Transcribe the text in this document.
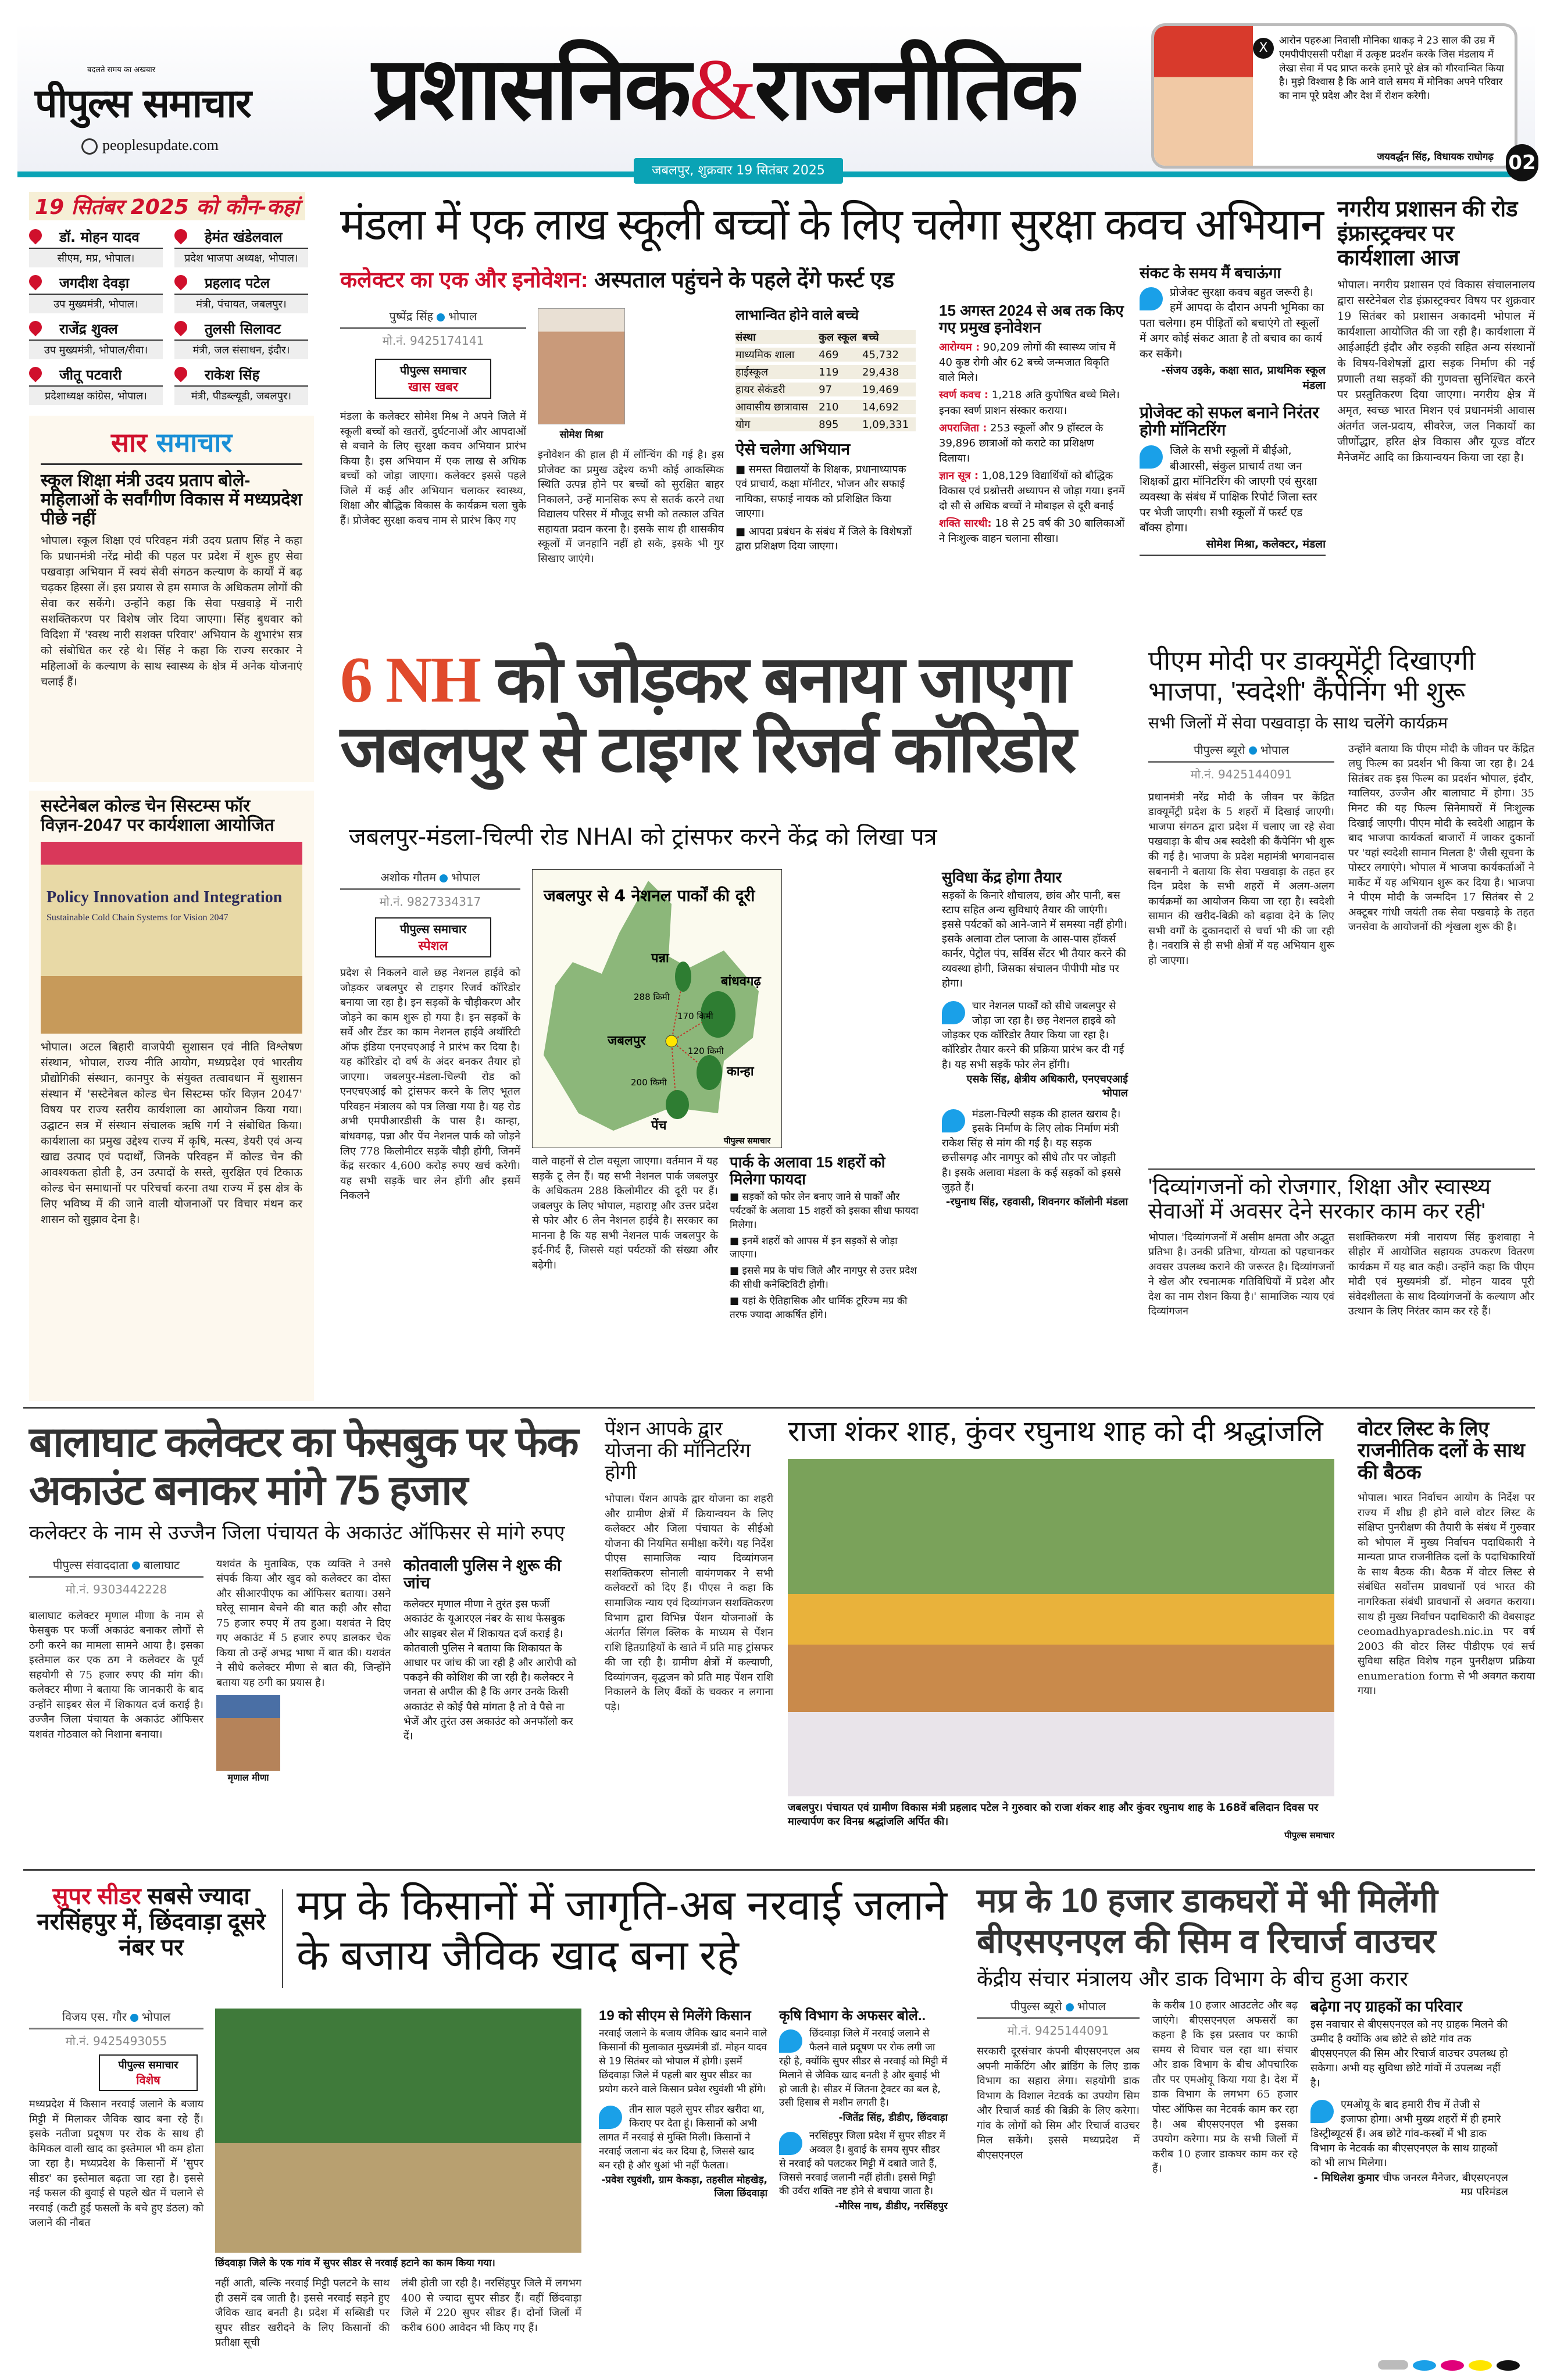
बदलते समय का अखबार
पीपुल्स समाचार
peoplesupdate.com
प्रशासनिक&राजनीतिक
जबलपुर, शुक्रवार 19 सितंबर 2025
X	आरोन पहरुआ निवासी मोनिका धाकड़ ने 23 साल की उम्र में एमपीपीएससी परीक्षा में उत्कृष्ट प्रदर्शन करके जिस मंडलाय में लेखा सेवा में पद प्राप्त करके हमारे पूरे क्षेत्र को गौरवान्वित किया है। मुझे विश्वास है कि आने वाले समय में मोनिका अपने परिवार का नाम पूरे प्रदेश और देश में रोशन करेगी।
जयवर्द्धन सिंह, विधायक राघोगढ़ 02
19 सितंबर 2025 को कौन-कहां
डॉ. मोहन यादव
सीएम, मप्र, भोपाल।
हेमंत खंडेलवाल
प्रदेश भाजपा अध्यक्ष, भोपाल।
जगदीश देवड़ा
उप मुख्यमंत्री, भोपाल।
प्रहलाद पटेल
मंत्री, पंचायत, जबलपुर।
राजेंद्र शुक्ल
उप मुख्यमंत्री, भोपाल/रीवा।
तुलसी सिलावट
मंत्री, जल संसाधन, इंदौर।
जीतू पटवारी
प्रदेशाध्यक्ष कांग्रेस, भोपाल।
राकेश सिंह
मंत्री, पीडब्ल्यूडी, जबलपुर।
सार समाचार
स्कूल शिक्षा मंत्री उदय प्रताप बोले-महिलाओं के सर्वांगीण विकास में मध्यप्रदेश पीछे नहीं
भोपाल। स्कूल शिक्षा एवं परिवहन मंत्री उदय प्रताप सिंह ने कहा कि प्रधानमंत्री नरेंद्र मोदी की पहल पर प्रदेश में शुरू हुए सेवा पखवाड़ा अभियान में स्वयं सेवी संगठन कल्याण के कार्यों में बढ़ चढ़कर हिस्सा लें। इस प्रयास से हम समाज के अधिकतम लोगों की सेवा कर सकेंगे। उन्होंने कहा कि सेवा पखवाड़े में नारी सशक्तिकरण पर विशेष जोर दिया जाएगा। सिंह बुधवार को विदिशा में 'स्वस्थ नारी सशक्त परिवार' अभियान के शुभारंभ सत्र को संबोधित कर रहे थे। सिंह ने कहा कि राज्य सरकार ने महिलाओं के कल्याण के साथ स्वास्थ्य के क्षेत्र में अनेक योजनाएं चलाई हैं।
सस्टेनेबल कोल्ड चेन सिस्टम्स फॉर विज़न-2047 पर कार्यशाला आयोजित
Policy Innovation and Integration
Sustainable Cold Chain Systems for Vision 2047
भोपाल। अटल बिहारी वाजपेयी सुशासन एवं नीति विश्लेषण संस्थान, भोपाल, राज्य नीति आयोग, मध्यप्रदेश एवं भारतीय प्रौद्योगिकी संस्थान, कानपुर के संयुक्त तत्वावधान में सुशासन संस्थान में 'सस्टेनेबल कोल्ड चेन सिस्टम्स फॉर विज़न 2047' विषय पर राज्य स्तरीय कार्यशाला का आयोजन किया गया। उद्घाटन सत्र में संस्थान संचालक ऋषि गर्ग ने संबोधित किया। कार्यशाला का प्रमुख उद्देश्य राज्य में कृषि, मत्स्य, डेयरी एवं अन्य खाद्य उत्पाद एवं पदार्थों, जिनके परिवहन में कोल्ड चेन की आवश्यकता होती है, उन उत्पादों के सस्ते, सुरक्षित एवं टिकाऊ कोल्ड चेन समाधानों पर परिचर्चा करना तथा राज्य में इस क्षेत्र के लिए भविष्य में की जाने वाली योजनाओं पर विचार मंथन कर शासन को सुझाव देना है।
मंडला में एक लाख स्कूली बच्चों के लिए चलेगा सुरक्षा कवच अभियान
कलेक्टर का एक और इनोवेशन: अस्पताल पहुंचने के पहले देंगे फर्स्ट एड
पुष्पेंद्र सिंह भोपाल
मो.नं. 9425174141
पीपुल्स समाचार
खास खबर
मंडला के कलेक्टर सोमेश मिश्र ने अपने जिले में स्कूली बच्चों को खतरों, दुर्घटनाओं और आपदाओं से बचाने के लिए सुरक्षा कवच अभियान प्रारंभ किया है। इस अभियान में एक लाख से अधिक बच्चों को जोड़ा जाएगा। कलेक्टर इससे पहले जिले में कई और अभियान चलाकर स्वास्थ्य, शिक्षा और बौद्धिक विकास के कार्यक्रम चला चुके हैं। प्रोजेक्ट सुरक्षा कवच नाम से प्रारंभ किए गए
सोमेश मिश्रा
इनोवेशन की हाल ही में लॉन्चिंग की गई है। इस प्रोजेक्ट का प्रमुख उद्देश्य कभी कोई आकस्मिक स्थिति उत्पन्न होने पर बच्चों को सुरक्षित बाहर निकालने, उन्हें मानसिक रूप से सतर्क करने तथा विद्यालय परिसर में मौजूद सभी को तत्काल उचित सहायता प्रदान करना है। इसके साथ ही शासकीय स्कूलों में जनहानि नहीं हो सके, इसके भी गुर सिखाए जाएंगे।
लाभान्वित होने वाले बच्चे
संस्था	कुल स्कूल	बच्चे
माध्यमिक शाला	469	45,732
हाईस्कूल	119	29,438
हायर सेकंडरी	97	19,469
आवासीय छात्रावास	210	14,692
योग	895	1,09,331
ऐसे चलेगा अभियान
■ समस्त विद्यालयों के शिक्षक, प्रधानाध्यापक एवं प्राचार्य, कक्षा मॉनीटर, भोजन और सफाई नायिका, सफाई नायक को प्रशिक्षित किया जाएगा।
■ आपदा प्रबंधन के संबंध में जिले के विशेषज्ञों द्वारा प्रशिक्षण दिया जाएगा।
15 अगस्त 2024 से अब तक किए गए प्रमुख इनोवेशन
आरोग्यम : 90,209 लोगों की स्वास्थ्य जांच में 40 कुष्ठ रोगी और 62 बच्चे जन्मजात विकृति वाले मिले।
स्वर्ण कवच : 1,218 अति कुपोषित बच्चे मिले। इनका स्वर्ण प्राशन संस्कार कराया।
अपराजिता : 253 स्कूलों और 9 हॉस्टल के 39,896 छात्राओं को कराटे का प्रशिक्षण दिलाया।
ज्ञान सूत्र : 1,08,129 विद्यार्थियों को बौद्धिक विकास एवं प्रश्नोत्तरी अध्यापन से जोड़ा गया। इनमें दो सौ से अधिक बच्चों ने मोबाइल से दूरी बनाई
शक्ति सारथी: 18 से 25 वर्ष की 30 बालिकाओं ने निःशुल्क वाहन चलाना सीखा।
संकट के समय मैं बचाऊंगा
प्रोजेक्ट सुरक्षा कवच बहुत जरूरी है। हमें आपदा के दौरान अपनी भूमिका का पता चलेगा। हम पीड़ितों को बचाएंगे तो स्कूलों में अगर कोई संकट आता है तो बचाव का कार्य कर सकेंगे।
-संजय उइके, कक्षा सात, प्राथमिक स्कूल मंडला
प्रोजेक्ट को सफल बनाने निरंतर होगी मॉनिटरिंग
जिले के सभी स्कूलों में बीईओ, बीआरसी, संकुल प्राचार्य तथा जन शिक्षकों द्वारा मॉनिटरिंग की जाएगी एवं सुरक्षा व्यवस्था के संबंध में पाक्षिक रिपोर्ट जिला स्तर पर भेजी जाएगी। सभी स्कूलों में फर्स्ट एड बॉक्स होगा।
सोमेश मिश्रा, कलेक्टर, मंडला
नगरीय प्रशासन की रोड इंफ्रास्ट्रक्चर पर कार्यशाला आज
भोपाल। नगरीय प्रशासन एवं विकास संचालनालय द्वारा सस्टेनेबल रोड इंफ्रास्ट्रक्चर विषय पर शुक्रवार 19 सितंबर को प्रशासन अकादमी भोपाल में कार्यशाला आयोजित की जा रही है। कार्यशाला में आईआईटी इंदौर और रुड़की सहित अन्य संस्थानों के विषय-विशेषज्ञों द्वारा सड़क निर्माण की नई प्रणाली तथा सड़कों की गुणवत्ता सुनिश्चित करने पर प्रस्तुतिकरण दिया जाएगा। नगरीय क्षेत्र में अमृत, स्वच्छ भारत मिशन एवं प्रधानमंत्री आवास अंतर्गत जल-प्रदाय, सीवरेज, जल निकायों का जीर्णोद्धार, हरित क्षेत्र विकास और यूज्ड वॉटर मैनेजमेंट आदि का क्रियान्वयन किया जा रहा है।
6 NH को जोड़कर बनाया जाएगा जबलपुर से टाइगर रिजर्व कॉरिडोर
जबलपुर-मंडला-चिल्पी रोड NHAI को ट्रांसफर करने केंद्र को लिखा पत्र
अशोक गौतम भोपाल
मो.नं. 9827334317
पीपुल्स समाचार
स्पेशल
प्रदेश से निकलने वाले छह नेशनल हाईवे को जोड़कर जबलपुर से टाइगर रिजर्व कॉरिडोर बनाया जा रहा है। इन सड़कों के चौड़ीकरण और जोड़ने का काम शुरू हो गया है। इन सड़कों के सर्वे और टेंडर का काम नेशनल हाईवे अथॉरिटी ऑफ इंडिया एनएचएआई ने प्रारंभ कर दिया है। यह कॉरिडोर दो वर्ष के अंदर बनकर तैयार हो जाएगा। जबलपुर-मंडला-चिल्पी रोड को एनएचएआई को ट्रांसफर करने के लिए भूतल परिवहन मंत्रालय को पत्र लिखा गया है। यह रोड अभी एमपीआरडीसी के पास है। कान्हा, बांधवगढ़, पन्ना और पेंच नेशनल पार्क को जोड़ने लिए 778 किलोमीटर सड़कें चौड़ी होंगी, जिनमें केंद्र सरकार 4,600 करोड़ रुपए खर्च करेगी। यह सभी सड़कें चार लेन होंगी और इसमें निकलने
जबलपुर से 4 नेशनल पार्कों की दूरी
जबलपुर
पन्ना
288 किमी
बांधवगढ़
170 किमी
कान्हा
120 किमी
पेंच
200 किमी
पीपुल्स समाचार
वाले वाहनों से टोल वसूला जाएगा। वर्तमान में यह सड़कें टू लेन हैं। यह सभी नेशनल पार्क जबलपुर के अधिकतम 288 किलोमीटर की दूरी पर हैं। जबलपुर के लिए भोपाल, महाराष्ट्र और उत्तर प्रदेश से फोर और 6 लेन नेशनल हाईवे है। सरकार का मानना है कि यह सभी नेशनल पार्क जबलपुर के इर्द-गिर्द हैं, जिससे यहां पर्यटकों की संख्या और बढ़ेगी।
पार्क के अलावा 15 शहरों को मिलेगा फायदा
■ सड़कों को फोर लेन बनाए जाने से पार्कों और पर्यटकों के अलावा 15 शहरों को इसका सीधा फायदा मिलेगा।
■ इनमें शहरों को आपस में इन सड़कों से जोड़ा जाएगा।
■ इससे मप्र के पांच जिले और नागपुर से उत्तर प्रदेश की सीधी कनेक्टिविटी होगी।
■ यहां के ऐतिहासिक और धार्मिक टूरिज्म मप्र की तरफ ज्यादा आकर्षित होंगे।
सुविधा केंद्र होगा तैयार
सड़कों के किनारे शौचालय, छांव और पानी, बस स्टाप सहित अन्य सुविधाएं तैयार की जाएंगी। इससे पर्यटकों को आने-जाने में समस्या नहीं होगी। इसके अलावा टोल प्लाजा के आस-पास हॉकर्स कार्नर, पेट्रोल पंप, सर्विस सेंटर भी तैयार करने की व्यवस्था होगी, जिसका संचालन पीपीपी मोड पर होगा।
चार नेशनल पार्कों को सीधे जबलपुर से जोड़ा जा रहा है। छह नेशनल हाइवे को जोड़कर एक कॉरिडोर तैयार किया जा रहा है। कॉरिडोर तैयार करने की प्रक्रिया प्रारंभ कर दी गई है। यह सभी सड़कें फोर लेन होंगी।
एसके सिंह, क्षेत्रीय अधिकारी, एनएचएआई भोपाल
मंडला-चिल्पी सड़क की हालत खराब है। इसके निर्माण के लिए लोक निर्माण मंत्री राकेश सिंह से मांग की गई है। यह सड़क छत्तीसगढ़ और नागपुर को सीधे तौर पर जोड़ती है। इसके अलावा मंडला के कई सड़कों को इससे जुड़ते हैं।
-रघुनाथ सिंह, रहवासी, शिवनगर कॉलोनी मंडला
पीएम मोदी पर डाक्यूमेंट्री दिखाएगी भाजपा, 'स्वदेशी' कैंपेनिंग भी शुरू
सभी जिलों में सेवा पखवाड़ा के साथ चलेंगे कार्यक्रम
पीपुल्स ब्यूरो भोपाल
मो.नं. 9425144091
प्रधानमंत्री नरेंद्र मोदी के जीवन पर केंद्रित डाक्यूमेंट्री प्रदेश के 5 शहरों में दिखाई जाएगी। भाजपा संगठन द्वारा प्रदेश में चलाए जा रहे सेवा पखवाड़ा के बीच अब स्वदेशी की कैंपेनिंग भी शुरू की गई है। भाजपा के प्रदेश महामंत्री भगवानदास सबनानी ने बताया कि सेवा पखवाड़ा के तहत हर दिन प्रदेश के सभी शहरों में अलग-अलग कार्यक्रमों का आयोजन किया जा रहा है। स्वदेशी सामान की खरीद-बिक्री को बढ़ावा देने के लिए सभी वर्गों के दुकानदारों से चर्चा भी की जा रही है। नवरात्रि से ही सभी क्षेत्रों में यह अभियान शुरू हो जाएगा।
उन्होंने बताया कि पीएम मोदी के जीवन पर केंद्रित लघु फिल्म का प्रदर्शन भी किया जा रहा है। 24 सितंबर तक इस फिल्म का प्रदर्शन भोपाल, इंदौर, ग्वालियर, उज्जैन और बालाघाट में होगा। 35 मिनट की यह फिल्म सिनेमाघरों में निःशुल्क दिखाई जाएगी। पीएम मोदी के स्वदेशी आह्वान के बाद भाजपा कार्यकर्ता बाजारों में जाकर दुकानों पर 'यहां स्वदेशी सामान मिलता है' जैसी सूचना के पोस्टर लगाएंगे। भोपाल में भाजपा कार्यकर्ताओं ने मार्केट में यह अभियान शुरू कर दिया है। भाजपा ने पीएम मोदी के जन्मदिन 17 सितंबर से 2 अक्टूबर गांधी जयंती तक सेवा पखवाड़े के तहत जनसेवा के आयोजनों की शृंखला शुरू की है।
'दिव्यांगजनों को रोजगार, शिक्षा और स्वास्थ्य सेवाओं में अवसर देने सरकार काम कर रही'
भोपाल। 'दिव्यांगजनों में असीम क्षमता और अद्भुत प्रतिभा है। उनकी प्रतिभा, योग्यता को पहचानकर अवसर उपलब्ध कराने की जरूरत है। दिव्यांगजनों ने खेल और रचनात्मक गतिविधियों में प्रदेश और देश का नाम रोशन किया है।' सामाजिक न्याय एवं दिव्यांगजन
सशक्तिकरण मंत्री नारायण सिंह कुशवाहा ने सीहोर में आयोजित सहायक उपकरण वितरण कार्यक्रम में यह बात कही। उन्होंने कहा कि पीएम मोदी एवं मुख्यमंत्री डॉ. मोहन यादव पूरी संवेदशीलता के साथ दिव्यांगजनों के कल्याण और उत्थान के लिए निरंतर काम कर रहे हैं।
बालाघाट कलेक्टर का फेसबुक पर फेक अकाउंट बनाकर मांगे 75 हजार
कलेक्टर के नाम से उज्जैन जिला पंचायत के अकाउंट ऑफिसर से मांगे रुपए
पीपुल्स संवाददाता बालाघाट
मो.नं. 9303442228
बालाघाट कलेक्टर मृणाल मीणा के नाम से फेसबुक पर फर्जी अकाउंट बनाकर लोगों से ठगी करने का मामला सामने आया है। इसका इस्तेमाल कर एक ठग ने कलेक्टर के पूर्व सहयोगी से 75 हजार रुपए की मांग की। कलेक्टर मीणा ने बताया कि जानकारी के बाद उन्होंने साइबर सेल में शिकायत दर्ज कराई है। उज्जैन जिला पंचायत के अकाउंट ऑफिसर यशवंत गोठवाल को निशाना बनाया।
यशवंत के मुताबिक, एक व्यक्ति ने उनसे संपर्क किया और खुद को कलेक्टर का दोस्त और सीआरपीएफ का ऑफिसर बताया। उसने घरेलू सामान बेचने की बात कही और सौदा 75 हजार रुपए में तय हुआ। यशवंत ने दिए गए अकाउंट में 5 हजार रुपए डालकर चेक किया तो उन्हें अभद्र भाषा में बात की। यशवंत ने सीधे कलेक्टर मीणा से बात की, जिन्होंने बताया यह ठगी का प्रयास है।
मृणाल मीणा
कोतवाली पुलिस ने शुरू की जांच
कलेक्टर मृणाल मीणा ने तुरंत इस फर्जी अकाउंट के यूआरएल नंबर के साथ फेसबुक और साइबर सेल में शिकायत दर्ज कराई है। कोतवाली पुलिस ने बताया कि शिकायत के आधार पर जांच की जा रही है और आरोपी को पकड़ने की कोशिश की जा रही है। कलेक्टर ने जनता से अपील की है कि अगर उनके किसी अकाउंट से कोई पैसे मांगता है तो वे पैसे ना भेजें और तुरंत उस अकाउंट को अनफॉलो कर दें।
पेंशन आपके द्वार योजना की मॉनिटरिंग होगी
भोपाल। पेंशन आपके द्वार योजना का शहरी और ग्रामीण क्षेत्रों में क्रियान्वयन के लिए कलेक्टर और जिला पंचायत के सीईओ योजना की नियमित समीक्षा करेंगे। यह निर्देश पीएस सामाजिक न्याय दिव्यांगजन सशक्तिकरण सोनाली वायंगणकर ने सभी कलेक्टरों को दिए हैं। पीएस ने कहा कि सामाजिक न्याय एवं दिव्यांगजन सशक्तिकरण विभाग द्वारा विभिन्न पेंशन योजनाओं के अंतर्गत सिंगल क्लिक के माध्यम से पेंशन राशि हितग्राहियों के खाते में प्रति माह ट्रांसफर की जा रही है। ग्रामीण क्षेत्रों में कल्याणी, दिव्यांगजन, वृद्धजन को प्रति माह पेंशन राशि निकालने के लिए बैंकों के चक्कर न लगाना पड़े।
राजा शंकर शाह, कुंवर रघुनाथ शाह को दी श्रद्धांजलि
जबलपुर। पंचायत एवं ग्रामीण विकास मंत्री प्रहलाद पटेल ने गुरुवार को राजा शंकर शाह और कुंवर रघुनाथ शाह के 168वें बलिदान दिवस पर माल्यार्पण कर विनम्र श्रद्धांजलि अर्पित की।
पीपुल्स समाचार
वोटर लिस्ट के लिए राजनीतिक दलों के साथ की बैठक
भोपाल। भारत निर्वाचन आयोग के निर्देश पर राज्य में शीघ्र ही होने वाले वोटर लिस्ट के संक्षिप्त पुनरीक्षण की तैयारी के संबंध में गुरुवार को भोपाल में मुख्य निर्वाचन पदाधिकारी ने मान्यता प्राप्त राजनीतिक दलों के पदाधिकारियों के साथ बैठक की। बैठक में वोटर लिस्ट से संबंधित सर्वोत्तम प्रावधानों एवं भारत की नागरिकता संबंधी प्रावधानों से अवगत कराया। साथ ही मुख्य निर्वाचन पदाधिकारी की वेबसाइट ceomadhyapradesh.nic.in पर वर्ष 2003 की वोटर लिस्ट पीडीएफ एवं सर्च सुविधा सहित विशेष गहन पुनरीक्षण प्रक्रिया enumeration form से भी अवगत कराया गया।
सुपर सीडर सबसे ज्यादा नरसिंहपुर में, छिंदवाड़ा दूसरे नंबर पर
मप्र के किसानों में जागृति-अब नरवाई जलाने के बजाय जैविक खाद बना रहे
विजय एस. गौर भोपाल
मो.नं. 9425493055
पीपुल्स समाचार
विशेष
मध्यप्रदेश में किसान नरवाई जलाने के बजाय मिट्टी में मिलाकर जैविक खाद बना रहे हैं। इसके नतीजा प्रदूषण पर रोक के साथ ही केमिकल वाली खाद का इस्तेमाल भी कम होता जा रहा है। मध्यप्रदेश के किसानों में 'सुपर सीडर' का इस्तेमाल बढ़ता जा रहा है। इससे नई फसल की बुवाई से पहले खेत में चलाने से नरवाई (कटी हुई फसलों के बचे हुए डंठल) को जलाने की नौबत
छिंदवाड़ा जिले के एक गांव में सुपर सीडर से नरवाई हटाने का काम किया गया।
नहीं आती, बल्कि नरवाई मिट्टी पलटने के साथ ही उसमें दब जाती है। इससे नरवाई सड़ने हुए जैविक खाद बनती है। प्रदेश में सब्सिडी पर सुपर सीडर खरीदने के लिए किसानों की प्रतीक्षा सूची
लंबी होती जा रही है। नरसिंहपुर जिले में लगभग 400 से ज्यादा सुपर सीडर हैं। वहीं छिंदवाड़ा जिले में 220 सुपर सीडर हैं। दोनों जिलों में करीब 600 आवेदन भी किए गए हैं।
19 को सीएम से मिलेंगे किसान
नरवाई जलाने के बजाय जैविक खाद बनाने वाले किसानों की मुलाकात मुख्यमंत्री डॉ. मोहन यादव से 19 सितंबर को भोपाल में होगी। इसमें छिंदवाड़ा जिले में पहली बार सुपर सीडर का प्रयोग करने वाले किसान प्रवेश रघुवंशी भी होंगे।
तीन साल पहले सुपर सीडर खरीदा था, किराए पर देता हूं। किसानों को अभी लागत में नरवाई से मुक्ति मिली। किसानों ने नरवाई जलाना बंद कर दिया है, जिससे खाद बन रही है और धुआं भी नहीं फैलता।
-प्रवेश रघुवंशी, ग्राम केकड़ा, तहसील मोहखेड़, जिला छिंदवाड़ा
कृषि विभाग के अफसर बोले..
छिंदवाड़ा जिले में नरवाई जलाने से फैलने वाले प्रदूषण पर रोक लगी जा रही है, क्योंकि सुपर सीडर से नरवाई को मिट्टी में मिलाने से जैविक खाद बनती है और बुवाई भी हो जाती है। सीडर में जितना ट्रैक्टर का बल है, उसी हिसाब से मशीन लगती है।
-जितेंद्र सिंह, डीडीए, छिंदवाड़ा
नरसिंहपुर जिला प्रदेश में सुपर सीडर में अव्वल है। बुवाई के समय सुपर सीडर से नरवाई को पलटकर मिट्टी में दबाते जाते हैं, जिससे नरवाई जलानी नहीं होती। इससे मिट्टी की उर्वरा शक्ति नष्ट होने से बचाया जाता है।
-मौरिस नाथ, डीडीए, नरसिंहपुर
मप्र के 10 हजार डाकघरों में भी मिलेंगी बीएसएनएल की सिम व रिचार्ज वाउचर
केंद्रीय संचार मंत्रालय और डाक विभाग के बीच हुआ करार
पीपुल्स ब्यूरो भोपाल
मो.नं. 9425144091
सरकारी दूरसंचार कंपनी बीएसएनएल अब अपनी मार्केटिंग और ब्रांडिंग के लिए डाक विभाग का सहारा लेगा। सहयोगी डाक विभाग के विशाल नेटवर्क का उपयोग सिम और रिचार्ज कार्ड की बिक्री के लिए करेगा। गांव के लोगों को सिम और रिचार्ज वाउचर मिल सकेंगे। इससे मध्यप्रदेश में बीएसएनएल
के करीब 10 हजार आउटलेट और बढ़ जाएंगे। बीएसएनएल अफसरों का कहना है कि इस प्रस्ताव पर काफी समय से विचार चल रहा था। संचार और डाक विभाग के बीच औपचारिक तौर पर एमओयू किया गया है। देश में डाक विभाग के लगभग 65 हजार पोस्ट ऑफिस का नेटवर्क काम कर रहा है। अब बीएसएनएल भी इसका उपयोग करेगा। मप्र के सभी जिलों में करीब 10 हजार डाकघर काम कर रहे हैं।
बढ़ेगा नए ग्राहकों का परिवार
इस नवाचार से बीएसएनएल को नए ग्राहक मिलने की उम्मीद है क्योंकि अब छोटे से छोटे गांव तक बीएसएनएल की सिम और रिचार्ज वाउचर उपलब्ध हो सकेगा। अभी यह सुविधा छोटे गांवों में उपलब्ध नहीं है।
एमओयू के बाद हमारी रीच में तेजी से इजाफा होगा। अभी मुख्य शहरों में ही हमारे डिस्ट्रीब्यूटर्स हैं। अब छोटे गांव-कस्बों में भी डाक विभाग के नेटवर्क का बीएसएनएल के साथ ग्राहकों को भी लाभ मिलेगा।
- मिथिलेश कुमार चीफ जनरल मैनेजर, बीएसएनएल मप्र परिमंडल
